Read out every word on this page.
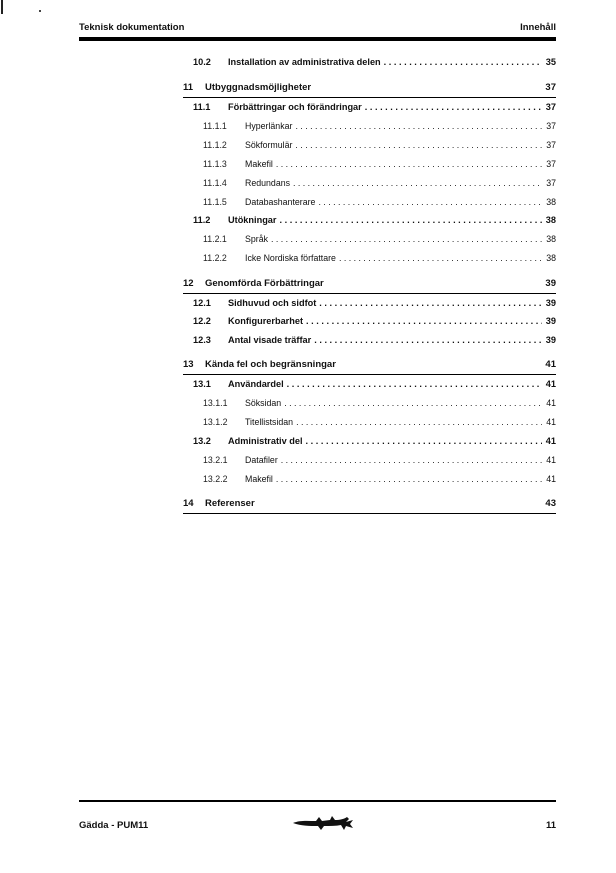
Teknisk dokumentation	Innehåll
10.2	Installation av administrativa delen . . .	35
11	Utbyggnadsmöjligheter	37
11.1	Förbättringar och förändringar . . .	37
11.1.1	Hyperlänkar . . .	37
11.1.2	Sökformulär . . .	37
11.1.3	Makefil . . .	37
11.1.4	Redundans . . .	37
11.1.5	Databashanterare . . .	38
11.2	Utökningar . . .	38
11.2.1	Språk . . .	38
11.2.2	Icke Nordiska författare . . .	38
12	Genomförda Förbättringar	39
12.1	Sidhuvud och sidfot . . .	39
12.2	Konfigurerbarhet . . .	39
12.3	Antal visade träffar . . .	39
13	Kända fel och begränsningar	41
13.1	Användardel . . .	41
13.1.1	Söksidan . . .	41
13.1.2	Titellistsidan . . .	41
13.2	Administrativ del . . .	41
13.2.1	Datafiler . . .	41
13.2.2	Makefil . . .	41
14	Referenser	43
Gädda - PUM11	11
